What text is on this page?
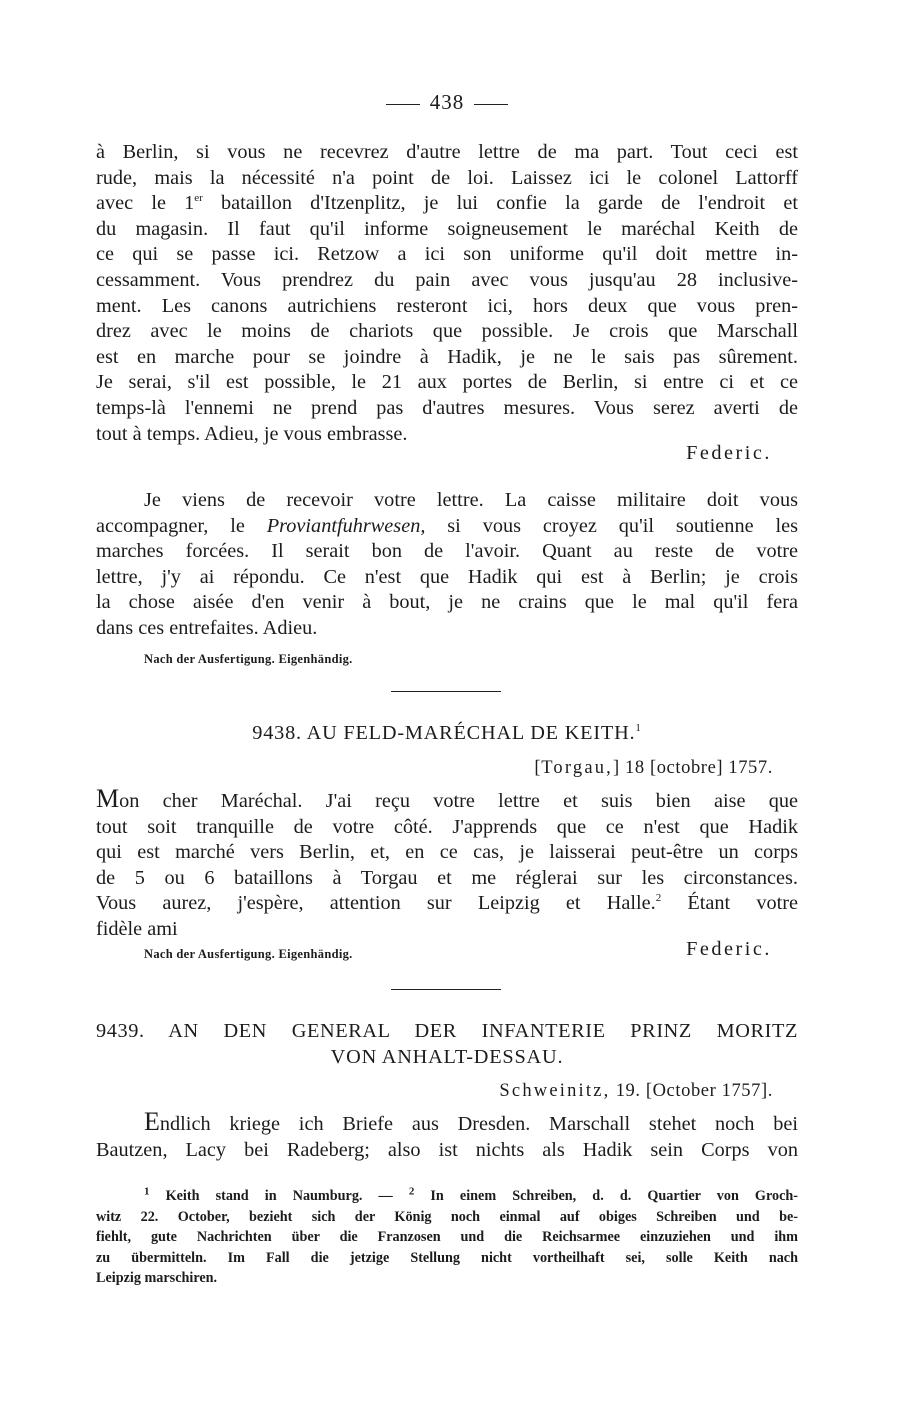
438
à Berlin, si vous ne recevrez d'autre lettre de ma part. Tout ceci est
rude, mais la nécessité n'a point de loi. Laissez ici le colonel Lattorff
avec le 1er bataillon d'Itzenplitz, je lui confie la garde de l'endroit et
du magasin. Il faut qu'il informe soigneusement le maréchal Keith de
ce qui se passe ici. Retzow a ici son uniforme qu'il doit mettre in-
cessamment. Vous prendrez du pain avec vous jusqu'au 28 inclusive-
ment. Les canons autrichiens resteront ici, hors deux que vous pren-
drez avec le moins de chariots que possible. Je crois que Marschall
est en marche pour se joindre à Hadik, je ne le sais pas sûrement.
Je serai, s'il est possible, le 21 aux portes de Berlin, si entre ci et ce
temps-là l'ennemi ne prend pas d'autres mesures. Vous serez averti de
tout à temps. Adieu, je vous embrasse.
Federic.
Je viens de recevoir votre lettre. La caisse militaire doit vous
accompagner, le Proviantfuhrwesen, si vous croyez qu'il soutienne les
marches forcées. Il serait bon de l'avoir. Quant au reste de votre
lettre, j'y ai répondu. Ce n'est que Hadik qui est à Berlin; je crois
la chose aisée d'en venir à bout, je ne crains que le mal qu'il fera
dans ces entrefaites. Adieu.
Nach der Ausfertigung. Eigenhändig.
9438. AU FELD-MARÉCHAL DE KEITH.$^1$
[Torgau,] 18 [octobre] 1757.
Mon cher Maréchal. J'ai reçu votre lettre et suis bien aise que
tout soit tranquille de votre côté. J'apprends que ce n'est que Hadik
qui est marché vers Berlin, et, en ce cas, je laisserai peut-être un corps
de 5 ou 6 bataillons à Torgau et me réglerai sur les circonstances.
Vous aurez, j'espère, attention sur Leipzig et Halle.$^2$ Étant votre
fidèle ami
Nach der Ausfertigung. Eigenhändig.	Federic.
9439. AN DEN GENERAL DER INFANTERIE PRINZ MORITZ
VON ANHALT-DESSAU.
Schweinitz, 19. [October 1757].
Endlich kriege ich Briefe aus Dresden. Marschall stehet noch bei
Bautzen, Lacy bei Radeberg; also ist nichts als Hadik sein Corps von
$^1$ Keith stand in Naumburg. — $^2$ In einem Schreiben, d. d. Quartier von Groch-
witz 22. October, bezieht sich der König noch einmal auf obiges Schreiben und be-
fiehlt, gute Nachrichten über die Franzosen und die Reichsarmee einzuziehen und ihm
zu übermitteln. Im Fall die jetzige Stellung nicht vortheilhaft sei, solle Keith nach
Leipzig marschiren.
